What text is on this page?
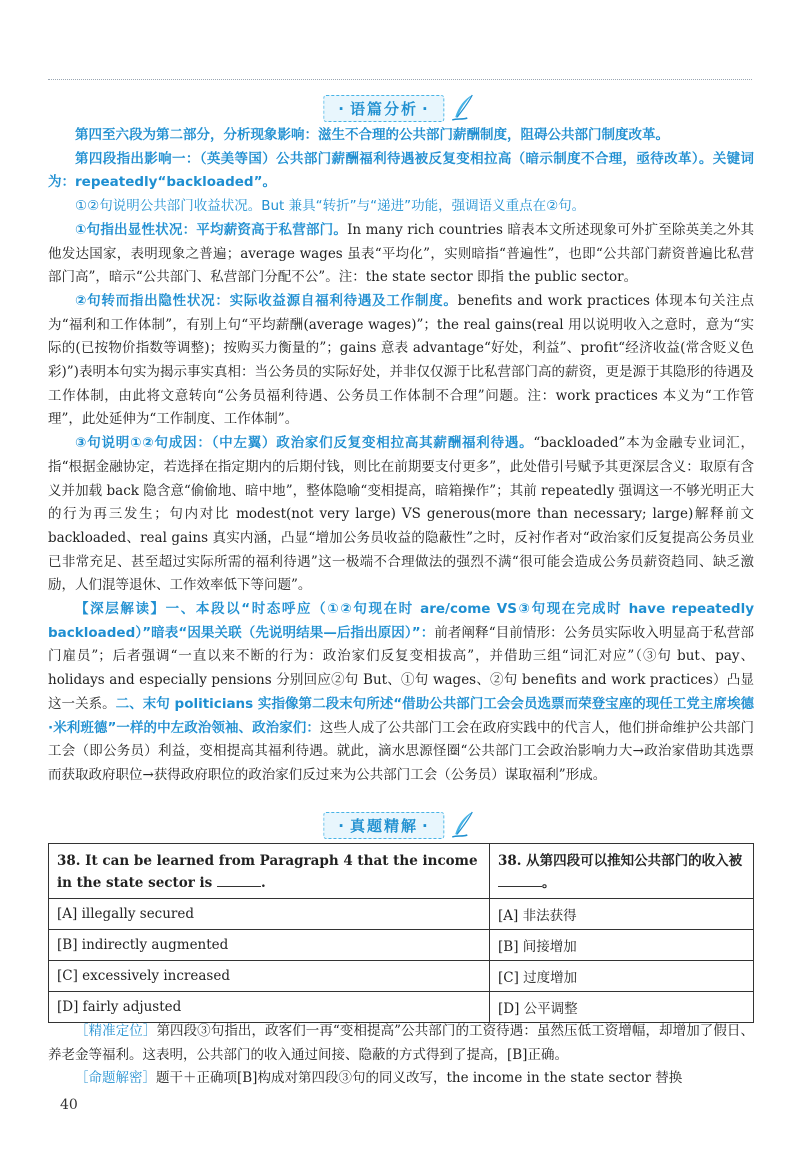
· 语篇分析 ·

第四至六段为第二部分，分析现象影响：滋生不合理的公共部门薪酬制度，阻碍公共部门制度改革。

第四段指出影响一：（英美等国）公共部门薪酬福利待遇被反复变相拉高（暗示制度不合理，亟待改革）。关键词为：repeatedly“backloaded”。

①②句说明公共部门收益状况。But 兼具“转折”与“递进”功能，强调语义重点在②句。

①句指出显性状况：平均薪资高于私营部门。In many rich countries 暗表本文所述现象可外扩至除英美之外其他发达国家，表明现象之普遍；average wages 虽表“平均化”，实则暗指“普遍性”，也即“公共部门薪资普遍比私营部门高”，暗示“公共部门、私营部门分配不公”。注：the state sector 即指 the public sector。

②句转而指出隐性状况：实际收益源自福利待遇及工作制度。benefits and work practices 体现本句关注点为“福利和工作体制”，有别上句“平均薪酬(average wages)”；the real gains(real 用以说明收入之意时，意为“实际的(已按物价指数等调整)；按购买力衡量的”；gains 意表 advantage“好处，利益”、profit“经济收益(常含贬义色彩)”)表明本句实为揭示事实真相：当公务员的实际好处，并非仅仅源于比私营部门高的薪资，更是源于其隐形的待遇及工作体制，由此将文意转向“公务员福利待遇、公务员工作体制不合理”问题。注：work practices 本义为“工作管理”，此处延伸为“工作制度、工作体制”。

③句说明①②句成因：（中左翼）政治家们反复变相拉高其薪酬福利待遇。“backloaded”本为金融专业词汇，指“根据金融协定，若选择在指定期内的后期付钱，则比在前期要支付更多”，此处借引号赋予其更深层含义：取原有含义并加载 back 隐含意“偷偷地、暗中地”，整体隐喻“变相提高，暗箱操作”；其前 repeatedly 强调这一不够光明正大的行为再三发生；句内对比 modest(not very large) VS generous(more than necessary; large)解释前文 backloaded、real gains 真实内涵，凸显“增加公务员收益的隐蔽性”之时，反衬作者对“政治家们反复提高公务员业已非常充足、甚至超过实际所需的福利待遇”这一极端不合理做法的强烈不满“很可能会造成公务员薪资趋同、缺乏激励，人们混等退休、工作效率低下等问题”。

【深层解读】一、本段以“时态呼应（①②句现在时 are/come VS③句现在完成时 have repeatedly backloaded）”暗表“因果关联（先说明结果—后指出原因）”：前者阐释“目前情形：公务员实际收入明显高于私营部门雇员”；后者强调“一直以来不断的行为：政治家们反复变相拔高”，并借助三组“词汇对应”（③句 but、pay、holidays and especially pensions 分别回应②句 But、①句 wages、②句 benefits and work practices）凸显这一关系。二、末句 politicians 实指像第二段末句所述“借助公共部门工会会员选票而荣登宝座的现任工党主席埃德·米利班德”一样的中左政治领袖、政治家们：这些人成了公共部门工会在政府实践中的代言人，他们拼命维护公共部门工会（即公务员）利益，变相提高其福利待遇。就此，滴水思源怪圈“公共部门工会政治影响力大→政治家借助其选票而获取政府职位→获得政府职位的政治家们反过来为公共部门工会（公务员）谋取福利”形成。

· 真题精解 ·
38. It can be learned from Paragraph 4 that the income in the state sector is .	38. 从第四段可以推知公共部门的收入被。
[A] illegally secured	[A] 非法获得
[B] indirectly augmented	[B] 间接增加
[C] excessively increased	[C] 过度增加
[D] fairly adjusted	[D] 公平调整

［精准定位］第四段③句指出，政客们一再“变相提高”公共部门的工资待遇：虽然压低工资增幅，却增加了假日、养老金等福利。这表明，公共部门的收入通过间接、隐蔽的方式得到了提高，[B]正确。

［命题解密］题干＋正确项[B]构成对第四段③句的同义改写，the income in the state sector 替换

40
